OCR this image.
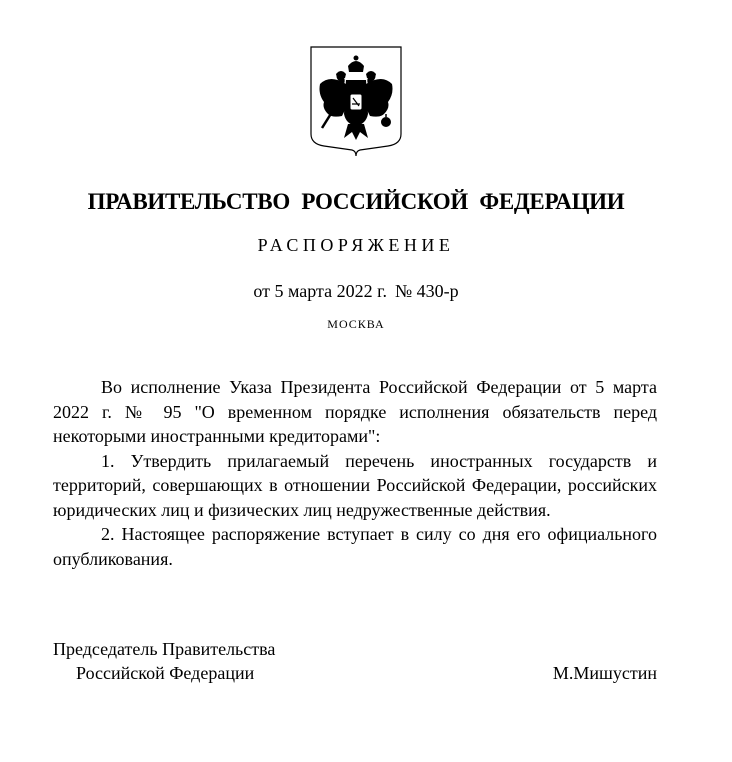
ПРАВИТЕЛЬСТВО РОССИЙСКОЙ ФЕДЕРАЦИИ
РАСПОРЯЖЕНИЕ
от 5 марта 2022 г. № 430-р
МОСКВА

Во исполнение Указа Президента Российской Федерации от 5 марта 2022 г. № 95 "О временном порядке исполнения обязательств перед некоторыми иностранными кредиторами":

1. Утвердить прилагаемый перечень иностранных государств и территорий, совершающих в отношении Российской Федерации, российских юридических лиц и физических лиц недружественные действия.

2. Настоящее распоряжение вступает в силу со дня его официального опубликования.

Председатель Правительства
Российской Федерации	М.Мишустин
